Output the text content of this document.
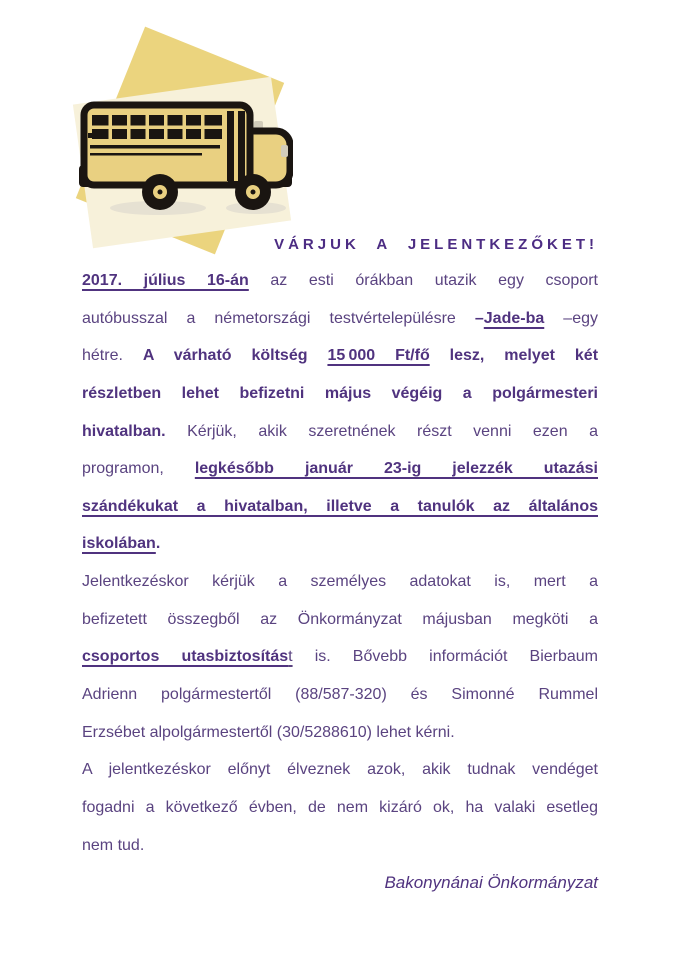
VÁRJUK A JELENTKEZŐKET!
2017. július 16-án az esti órákban utazik egy csoport
autóbusszal a németországi testvértelepülésre –Jade-ba –egy
hétre. A várható költség 15 000 Ft/fő lesz, melyet két
részletben lehet befizetni május végéig a polgármesteri
hivatalban. Kérjük, akik szeretnének részt venni ezen a
programon, legkésőbb január 23-ig jelezzék utazási
szándékukat a hivatalban, illetve a tanulók az általános
iskolában.
Jelentkezéskor kérjük a személyes adatokat is, mert a
befizetett összegből az Önkormányzat májusban megköti a
csoportos utasbiztosítást is. Bővebb információt Bierbaum
Adrienn polgármestertől (88/587-320) és Simonné Rummel
Erzsébet alpolgármestertől (30/5288610) lehet kérni.
A jelentkezéskor előnyt élveznek azok, akik tudnak vendéget
fogadni a következő évben, de nem kizáró ok, ha valaki esetleg
nem tud.
Bakonynánai Önkormányzat
